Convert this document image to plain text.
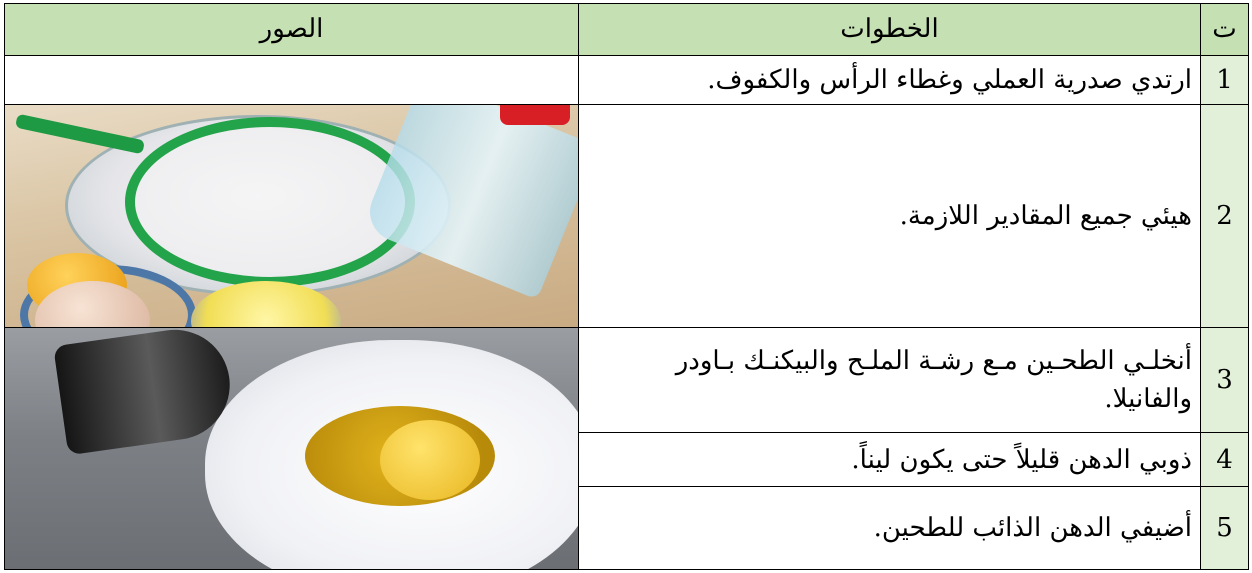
ت
الخطوات
الصور
1
ارتدي صدرية العملي وغطاء الرأس والكفوف.
2
هيئي جميع المقادير اللازمة.
3
أنخلـي الطحـين مـع رشـة الملـح والبيكنـك بـاودر والفانيلا.
4
ذوبي الدهن قليلاً حتى يكون ليناً.
5
أضيفي الدهن الذائب للطحين.
